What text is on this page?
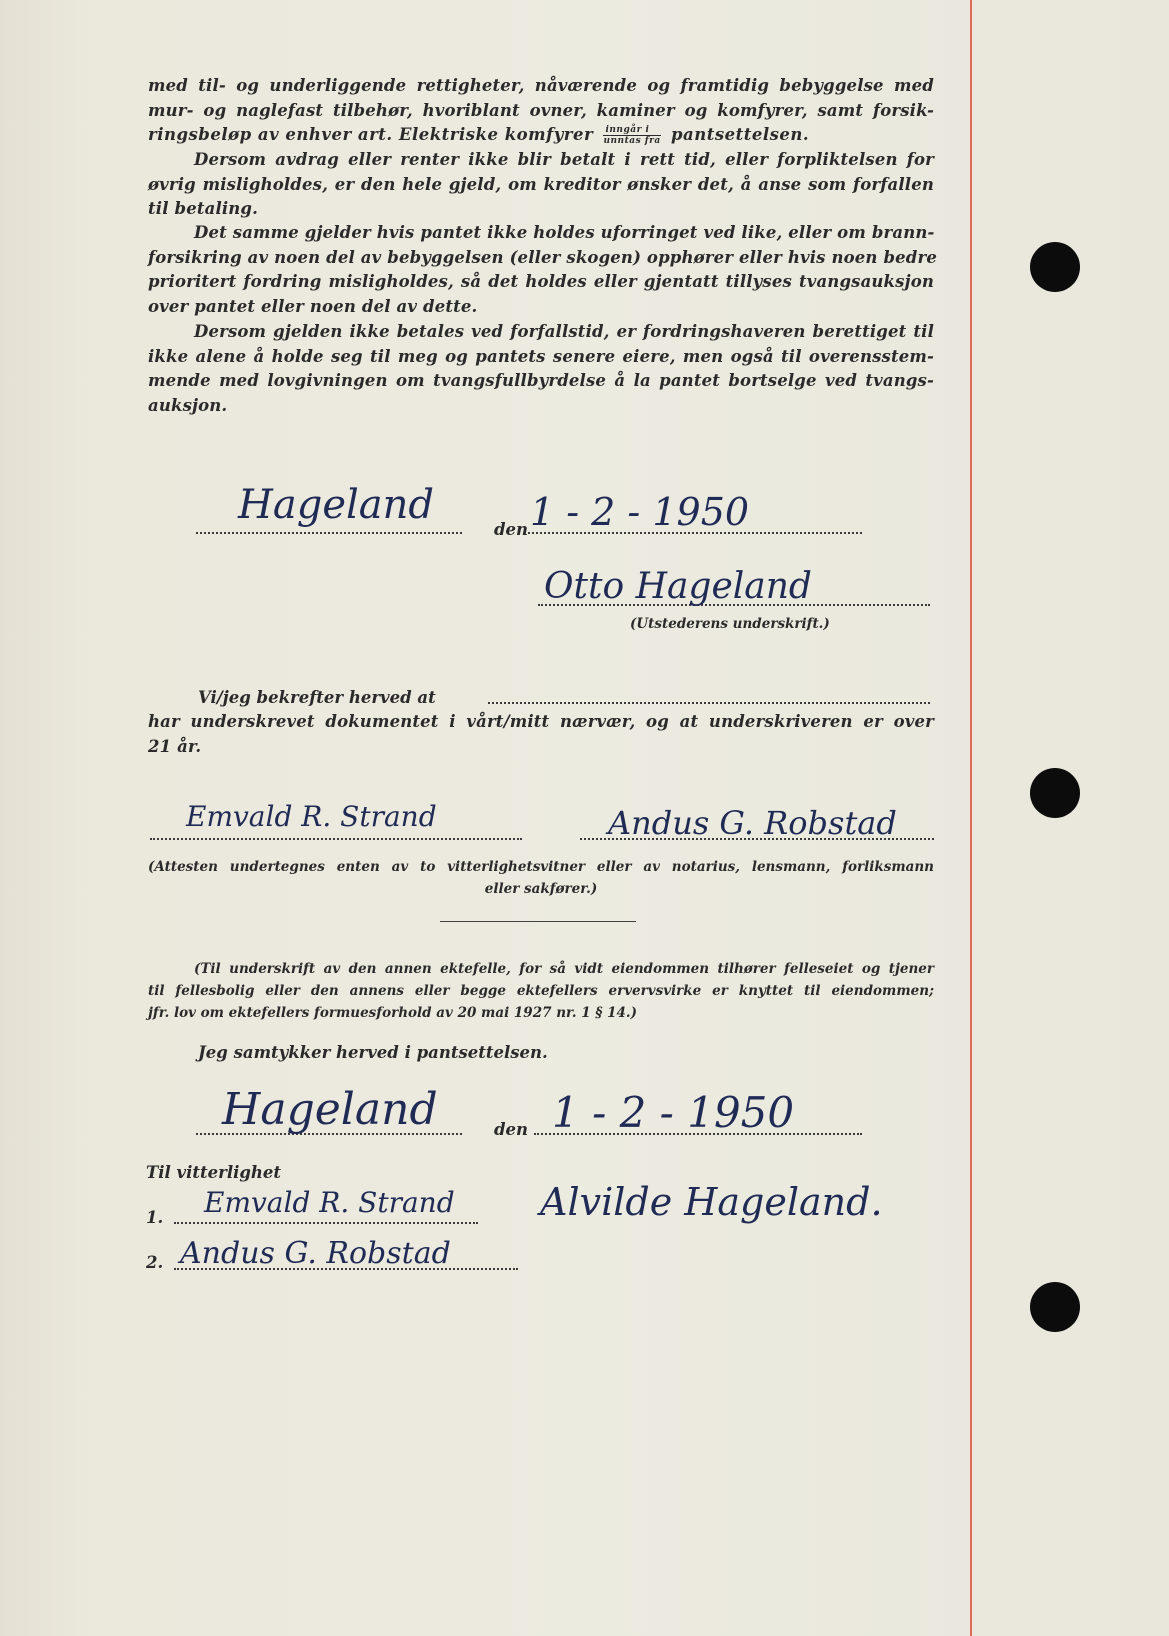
med til- og underliggende rettigheter, nåværende og framtidig bebyggelse med
mur- og naglefast tilbehør, hvoriblant ovner, kaminer og komfyrer, samt forsik-
ringsbeløp av enhver art. Elektriske komfyrer $\frac{\text{inngår i}}{\text{unntas fra}}$ pantsettelsen.
Dersom avdrag eller renter ikke blir betalt i rett tid, eller forpliktelsen for
øvrig misligholdes, er den hele gjeld, om kreditor ønsker det, å anse som forfallen
til betaling.
Det samme gjelder hvis pantet ikke holdes uforringet ved like, eller om brann-
forsikring av noen del av bebyggelsen (eller skogen) opphører eller hvis noen bedre
prioritert fordring misligholdes, så det holdes eller gjentatt tillyses tvangsauksjon
over pantet eller noen del av dette.
Dersom gjelden ikke betales ved forfallstid, er fordringshaveren berettiget til
ikke alene å holde seg til meg og pantets senere eiere, men også til overensstem-
mende med lovgivningen om tvangsfullbyrdelse å la pantet bortselge ved tvangs-
auksjon.
Hageland
den 1 - 2 - 1950
Otto Hageland
(Utstederens underskrift.)
Vi/jeg bekrefter herved at
har underskrevet dokumentet i vårt/mitt nærvær, og at underskriveren er over
21 år.
Emvald R. Strand	Andus G. Robstad
(Attesten undertegnes enten av to vitterlighetsvitner eller av notarius, lensmann, forliksmann
eller sakfører.)
(Til underskrift av den annen ektefelle, for så vidt eiendommen tilhører felleseiet og tjener
til fellesbolig eller den annens eller begge ektefellers ervervsvirke er knyttet til eiendommen;
jfr. lov om ektefellers formuesforhold av 20 mai 1927 nr. 1 § 14.)
Jeg samtykker herved i pantsettelsen.
Hageland	den 1 - 2 - 1950
Til vitterlighet
1. Emvald R. Strand Alvilde Hageland.
2. Andus G. Robstad
